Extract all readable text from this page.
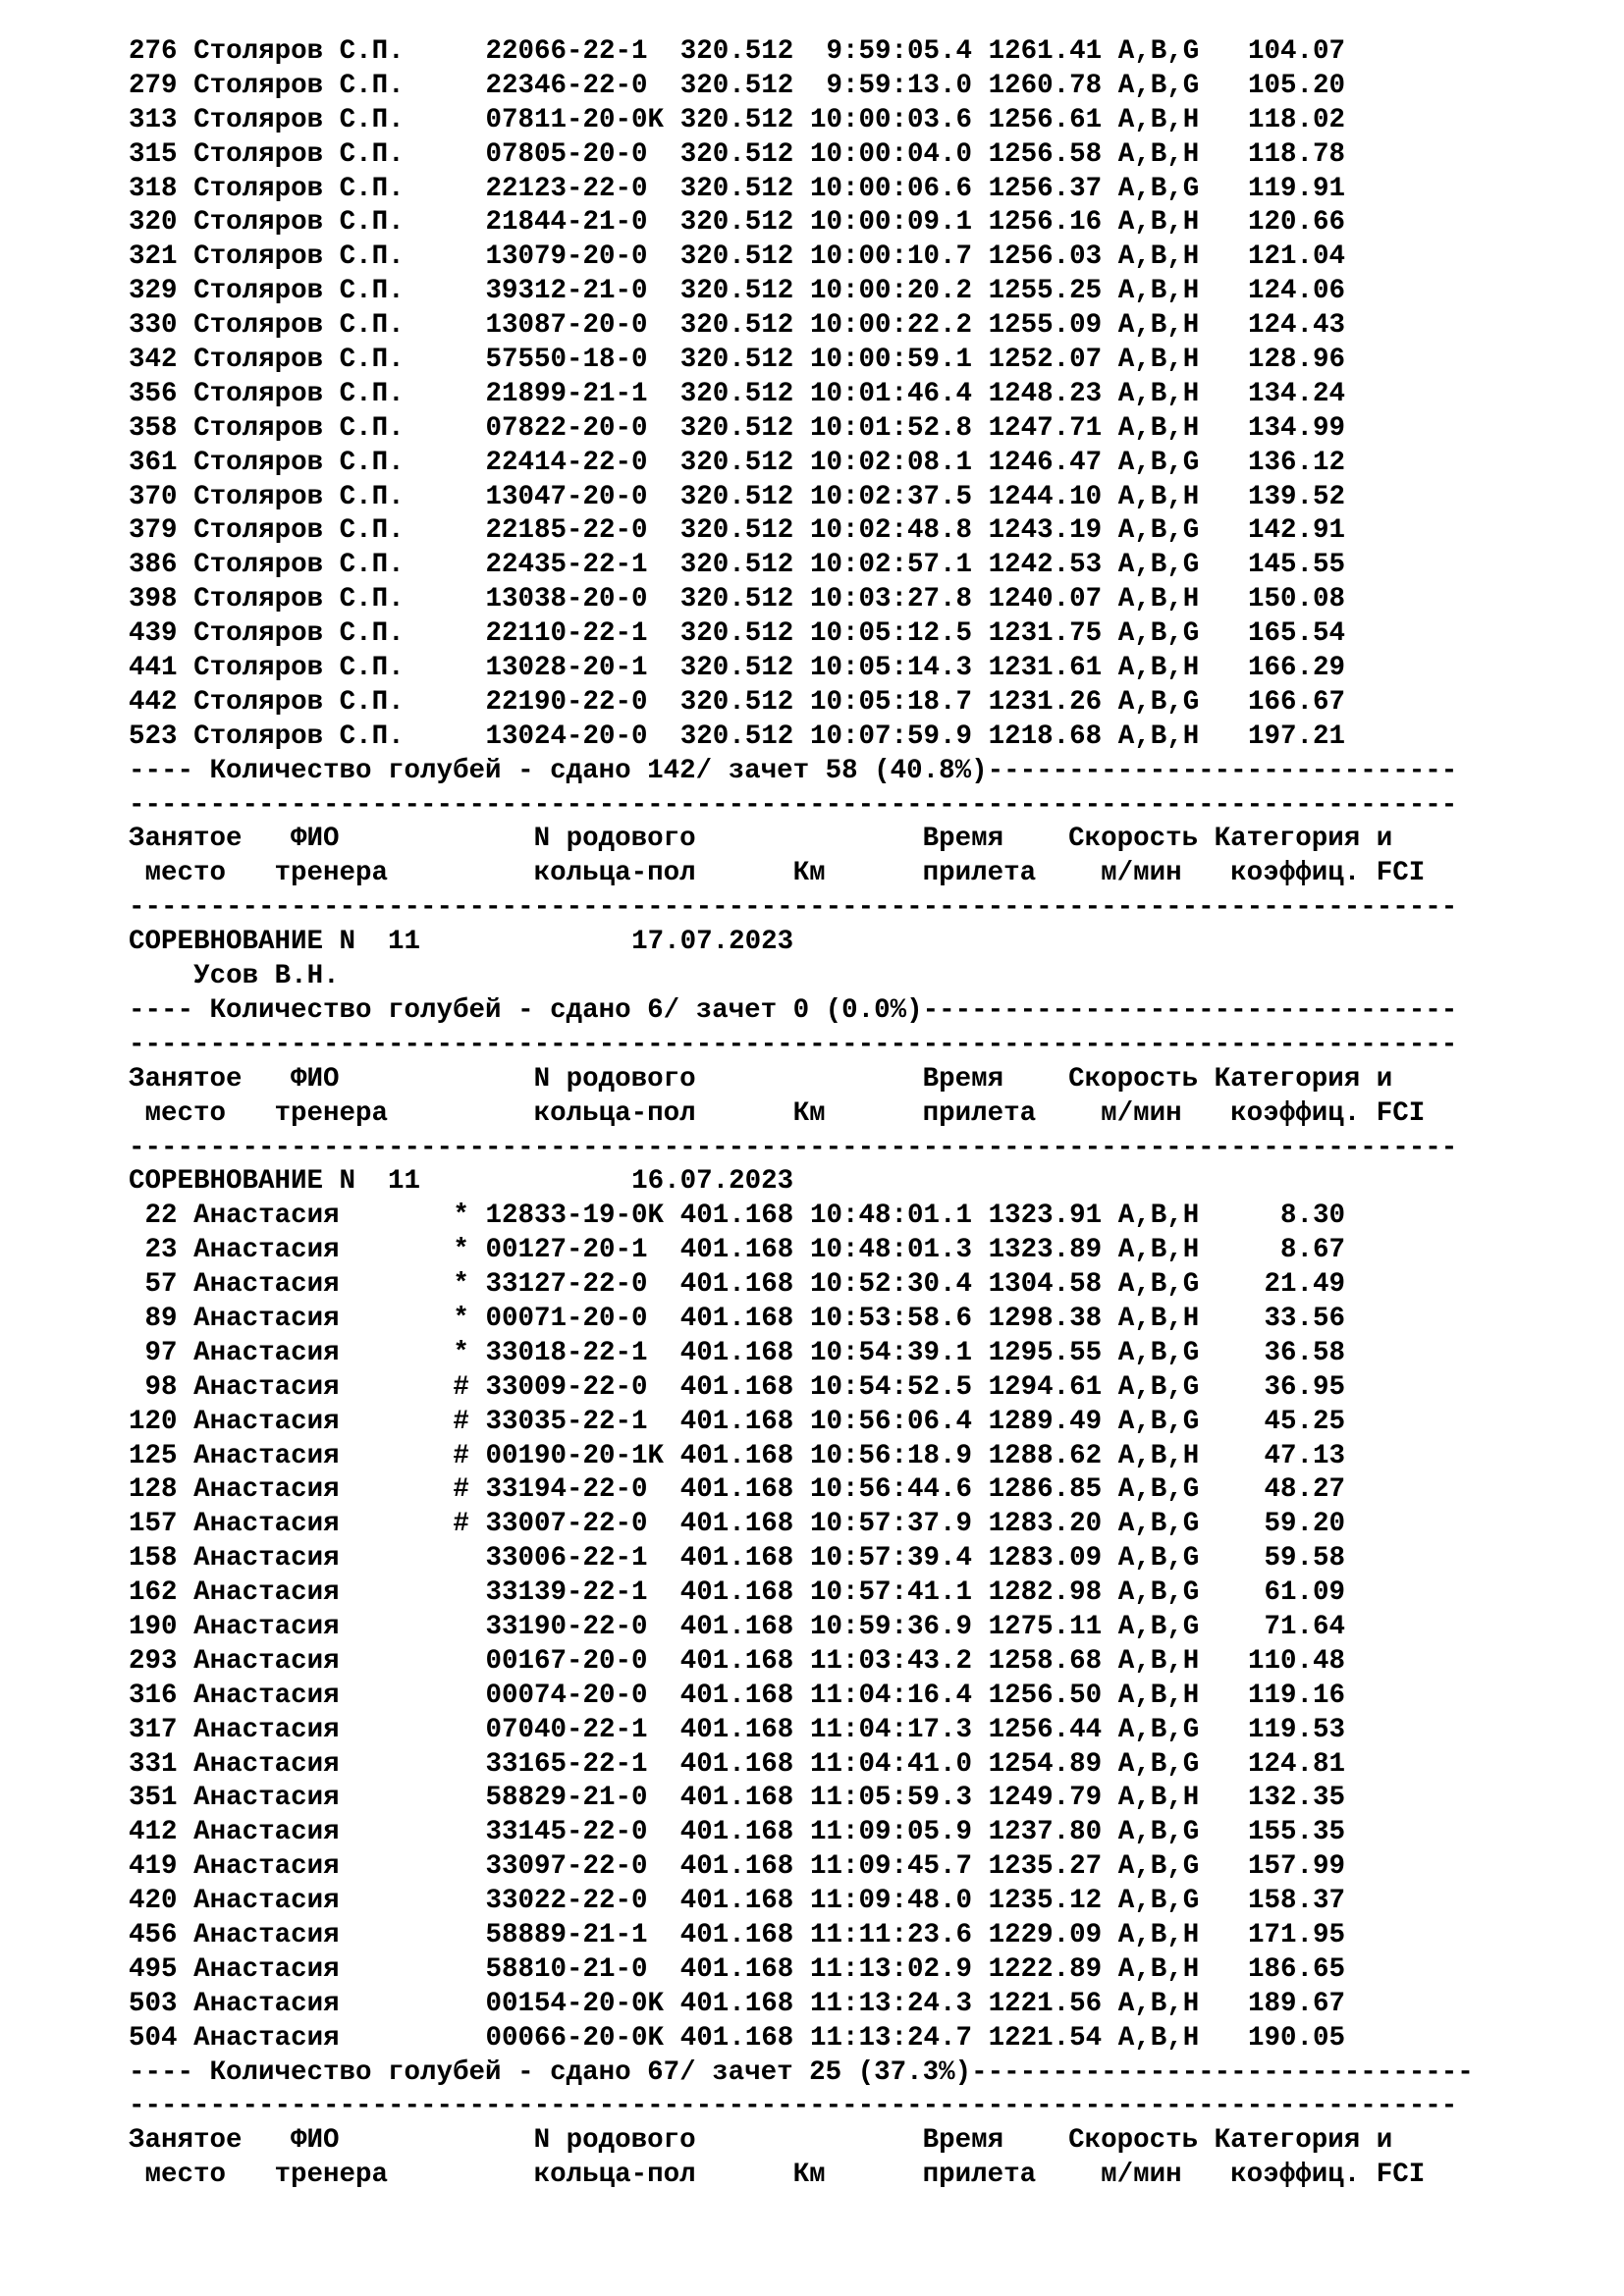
276 Столяров С.П.	22066-22-1	320.512	9:59:05.4 1261.41 A,B,G 104.07
279 Столяров С.П.	22346-22-0	320.512	9:59:13.0 1260.78 A,B,G 105.20
313 Столяров С.П.	07811-20-0K 320.512 10:00:03.6 1256.61 A,B,H 118.02
315 Столяров С.П.	07805-20-0	320.512 10:00:04.0 1256.58 A,B,H 118.78
318 Столяров С.П.	22123-22-0	320.512 10:00:06.6 1256.37 A,B,G 119.91
320 Столяров С.П.	21844-21-0	320.512 10:00:09.1 1256.16 A,B,H 120.66
321 Столяров С.П.	13079-20-0	320.512 10:00:10.7 1256.03 A,B,H 121.04
329 Столяров С.П.	39312-21-0	320.512 10:00:20.2 1255.25 A,B,H 124.06
330 Столяров С.П.	13087-20-0	320.512 10:00:22.2 1255.09 A,B,H 124.43
342 Столяров С.П.	57550-18-0	320.512 10:00:59.1 1252.07 A,B,H 128.96
356 Столяров С.П.	21899-21-1	320.512 10:01:46.4 1248.23 A,B,H 134.24
358 Столяров С.П.	07822-20-0	320.512 10:01:52.8 1247.71 A,B,H 134.99
361 Столяров С.П.	22414-22-0	320.512 10:02:08.1 1246.47 A,B,G 136.12
370 Столяров С.П.	13047-20-0	320.512 10:02:37.5 1244.10 A,B,H 139.52
379 Столяров С.П.	22185-22-0	320.512 10:02:48.8 1243.19 A,B,G 142.91
386 Столяров С.П.	22435-22-1	320.512 10:02:57.1 1242.53 A,B,G 145.55
398 Столяров С.П.	13038-20-0	320.512 10:03:27.8 1240.07 A,B,H 150.08
439 Столяров С.П.	22110-22-1	320.512 10:05:12.5 1231.75 A,B,G 165.54
441 Столяров С.П.	13028-20-1	320.512 10:05:14.3 1231.61 A,B,H 166.29
442 Столяров С.П.	22190-22-0	320.512 10:05:18.7 1231.26 A,B,G 166.67
523 Столяров С.П.	13024-20-0	320.512 10:07:59.9 1218.68 A,B,H 197.21
---- Количество голубей - сдано 142/ зачет 58 (40.8%)-----------------------------
----------------------------------------------------------------------------------
Занятое   ФИО            N родового              Время    Скорость Категория и
место   тренера         кольца-пол      Км      прилета    м/мин   коэффиц. FCI
----------------------------------------------------------------------------------
СОРЕВНОВАНИЕ N  11	17.07.2023
Усов В.Н.
---- Количество голубей - сдано 6/ зачет 0 (0.0%)---------------------------------
----------------------------------------------------------------------------------
Занятое   ФИО            N родового              Время    Скорость Категория и
место   тренера         кольца-пол      Км      прилета    м/мин   коэффиц. FCI
----------------------------------------------------------------------------------
СОРЕВНОВАНИЕ N  11	16.07.2023
22 Анастасия	* 12833-19-0K 401.168 10:48:01.1 1323.91 A,B,H	8.30
23 Анастасия	* 00127-20-1	401.168 10:48:01.3 1323.89 A,B,H	8.67
57 Анастасия	* 33127-22-0	401.168 10:52:30.4 1304.58 A,B,G	21.49
89 Анастасия	* 00071-20-0	401.168 10:53:58.6 1298.38 A,B,H	33.56
97 Анастасия	* 33018-22-1	401.168 10:54:39.1 1295.55 A,B,G	36.58
98 Анастасия	# 33009-22-0	401.168 10:54:52.5 1294.61 A,B,G	36.95
120 Анастасия	# 33035-22-1	401.168 10:56:06.4 1289.49 A,B,G	45.25
125 Анастасия	# 00190-20-1K 401.168 10:56:18.9 1288.62 A,B,H	47.13
128 Анастасия	# 33194-22-0	401.168 10:56:44.6 1286.85 A,B,G	48.27
157 Анастасия	# 33007-22-0	401.168 10:57:37.9 1283.20 A,B,G	59.20
158 Анастасия	33006-22-1	401.168 10:57:39.4 1283.09 A,B,G	59.58
162 Анастасия	33139-22-1	401.168 10:57:41.1 1282.98 A,B,G	61.09
190 Анастасия	33190-22-0	401.168 10:59:36.9 1275.11 A,B,G	71.64
293 Анастасия	00167-20-0	401.168 11:03:43.2 1258.68 A,B,H 110.48
316 Анастасия	00074-20-0	401.168 11:04:16.4 1256.50 A,B,H 119.16
317 Анастасия	07040-22-1	401.168 11:04:17.3 1256.44 A,B,G 119.53
331 Анастасия	33165-22-1	401.168 11:04:41.0 1254.89 A,B,G 124.81
351 Анастасия	58829-21-0	401.168 11:05:59.3 1249.79 A,B,H 132.35
412 Анастасия	33145-22-0	401.168 11:09:05.9 1237.80 A,B,G 155.35
419 Анастасия	33097-22-0	401.168 11:09:45.7 1235.27 A,B,G 157.99
420 Анастасия	33022-22-0	401.168 11:09:48.0 1235.12 A,B,G 158.37
456 Анастасия	58889-21-1	401.168 11:11:23.6 1229.09 A,B,H 171.95
495 Анастасия	58810-21-0	401.168 11:13:02.9 1222.89 A,B,H 186.65
503 Анастасия	00154-20-0K 401.168 11:13:24.3 1221.56 A,B,H 189.67
504 Анастасия	00066-20-0K 401.168 11:13:24.7 1221.54 A,B,H 190.05
---- Количество голубей - сдано 67/ зачет 25 (37.3%)-------------------------------
----------------------------------------------------------------------------------
Занятое   ФИО            N родового              Время    Скорость Категория и
место   тренера         кольца-пол      Км      прилета    м/мин   коэффиц. FCI
